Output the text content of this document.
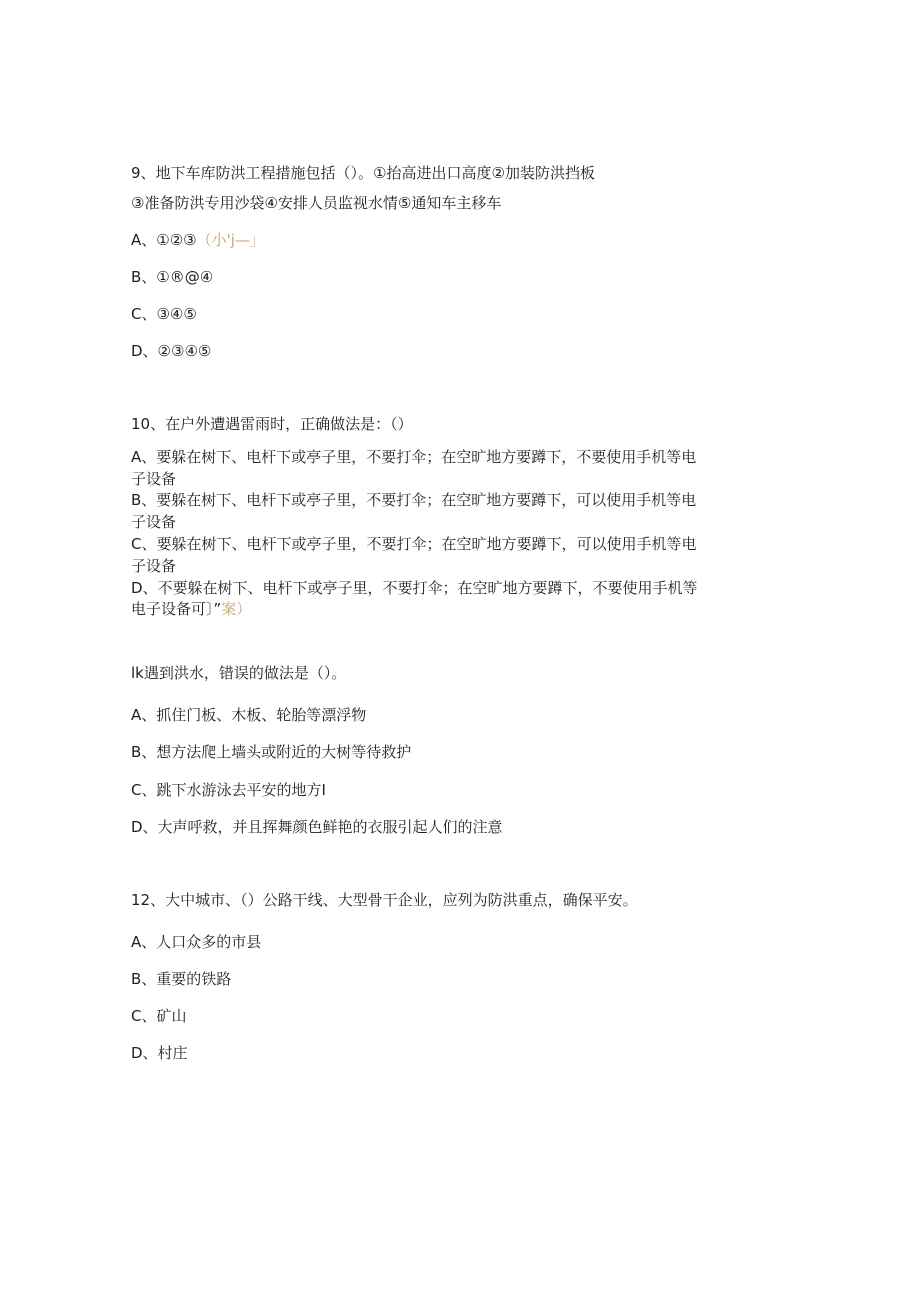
9、地下车库防洪工程措施包括（）。①抬高进出口高度②加装防洪挡板
③准备防洪专用沙袋④安排人员监视水情⑤通知车主移车
A、①②③（小'j—」
B、①®@④
C、③④⑤
D、②③④⑤
10、在户外遭遇雷雨时，正确做法是：（）
A、要躲在树下、电杆下或亭子里，不要打伞；在空旷地方要蹲下，不要使用手机等电
子设备
B、要躲在树下、电杆下或亭子里，不要打伞；在空旷地方要蹲下，可以使用手机等电
子设备
C、要躲在树下、电杆下或亭子里，不要打伞；在空旷地方要蹲下，可以使用手机等电
子设备
D、不要躲在树下、电杆下或亭子里，不要打伞；在空旷地方要蹲下，不要使用手机等
电子设备可〕”案）
lk遇到洪水，错误的做法是（）。
A、抓住门板、木板、轮胎等漂浮物
B、想方法爬上墙头或附近的大树等待救护
C、跳下水游泳去平安的地方I
D、大声呼救，并且挥舞颜色鲜艳的衣服引起人们的注意
12、大中城市、（）公路干线、大型骨干企业，应列为防洪重点，确保平安。
A、人口众多的市县
B、重要的铁路
C、矿山
D、村庄
